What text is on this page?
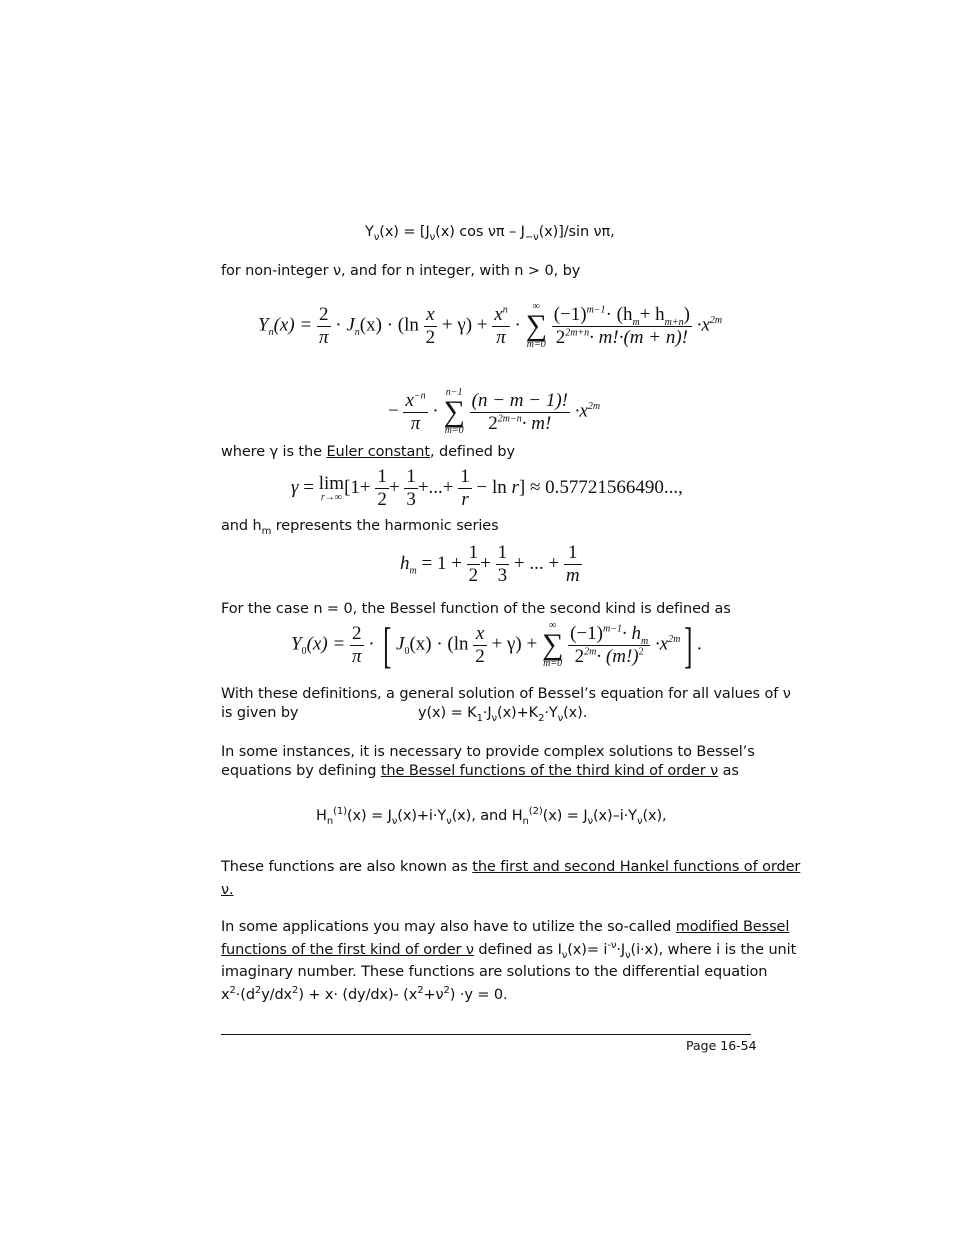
$Y_\nu(x) = [J_\nu(x)$ cos νπ – $J_{-\nu}(x)]/\sin$ νπ,
for non-integer ν, and for n integer, with n > 0, by
$Y_n(x) = \frac{2}{\pi} \cdot J_n(x) \cdot (\ln \frac{x}{2} + \gamma) + \frac{x^n}{\pi}$ ·
∞
∑
m=0
$\frac{(-1)^{m-1}\cdot (h_m+ h_{m+n})}{2^{2m+n}\cdot m!\cdot(m + n)!} \cdot x^{2m}$
− $\frac{x^{-n}}{\pi}$ ·
n−1
∑
m=0
$\frac{(n - m - 1)!}{2^{2m-n}\cdot m!} \cdot x^{2m}$
where γ is the Euler constant, defined by
γ = lim
r→∞ [$1+ \frac{1}{2} + \frac{1}{3}$ +...+ $\frac{1}{r} - \ln r] \approx 0.57721566490$...,
and $h_m$ represents the harmonic series
$h_m = 1 + \frac{1}{2} + \frac{1}{3}$ + ... + $\frac{1}{m}$
For the case n = 0, the Bessel function of the second kind is defined as
$Y_0(x) = \frac{2}{\pi}$ · [ $J_0(x) \cdot (\ln \frac{x}{2} + \gamma)$ +
∞
∑
m=0
$\frac{(-1)^{m-1}\cdot h_m}{2^{2m}\cdot (m!)^2} \cdot x^{2m}$] .
With these definitions, a general solution of Bessel’s equation for all values of ν
is given by	$y(x) = K_1\cdot J_\nu(x)+K_2\cdot Y_\nu(x)$.
In some instances, it is necessary to provide complex solutions to Bessel’s
equations by defining the Bessel functions of the third kind of order ν as
$H_n^{(1)}(x) = J_\nu(x)+i\cdot Y_\nu(x)$, and $H_n^{(2)}(x) = J_\nu(x)-i\cdot Y_\nu(x)$,
These functions are also known as the first and second Hankel functions of order
ν.
In some applications you may also have to utilize the so-called modified Bessel
functions of the first kind of order ν defined as $I_\nu(x)= i^{-\nu}\cdot J_\nu(i\cdot x)$, where i is the unit
imaginary number. These functions are solutions to the differential equation
$x^2\cdot(d^2y/dx^2) + x\cdot (dy/dx)-$ $(x^2+\nu^2) \cdot y = 0$.
Page 16-54
